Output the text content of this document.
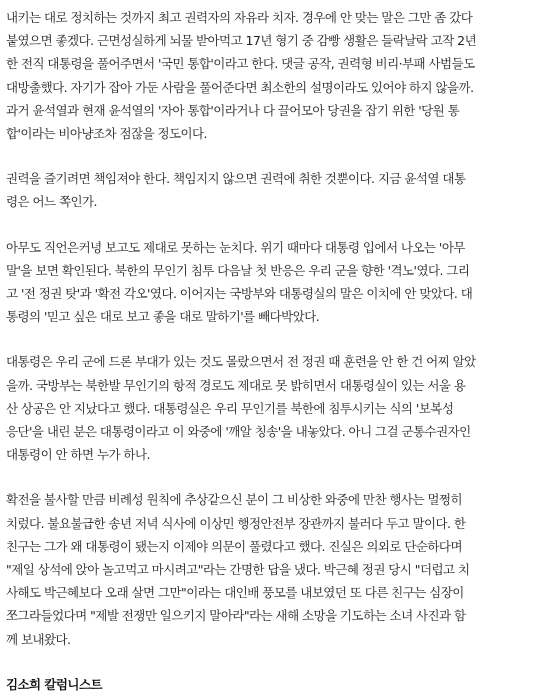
내키는 대로 정치하는 것까지 최고 권력자의 자유라 치자. 경우에 안 맞는 말은 그만 좀 갔다
붙였으면 좋겠다. 근면성실하게 뇌물 받아먹고 17년 형기 중 감빵 생활은 들락날락 고작 2년
한 전직 대통령을 풀어주면서 '국민 통합'이라고 한다. 댓글 공작, 권력형 비리·부패 사범들도
대방출했다. 자기가 잡아 가둔 사람을 풀어준다면 최소한의 설명이라도 있어야 하지 않을까.
과거 윤석열과 현재 윤석열의 '자아 통합'이라거나 다 끌어모아 당권을 잡기 위한 '당원 통
합'이라는 비아냥조차 점잖을 정도이다.

권력을 즐기려면 책임져야 한다. 책임지지 않으면 권력에 취한 것뿐이다. 지금 윤석열 대통
령은 어느 쪽인가.

아무도 직언은커녕 보고도 제대로 못하는 눈치다. 위기 때마다 대통령 입에서 나오는 '아무
말'을 보면 확인된다. 북한의 무인기 침투 다음날 첫 반응은 우리 군을 향한 '격노'였다. 그리
고 '전 정권 탓'과 '확전 각오'였다. 이어지는 국방부와 대통령실의 말은 이치에 안 맞았다. 대
통령의 '믿고 싶은 대로 보고 좋을 대로 말하기'를 빼다박았다.

대통령은 우리 군에 드론 부대가 있는 것도 몰랐으면서 전 정권 때 훈련을 안 한 건 어찌 알았
을까. 국방부는 북한발 무인기의 항적 경로도 제대로 못 밝히면서 대통령실이 있는 서울 용
산 상공은 안 지났다고 했다. 대통령실은 우리 무인기를 북한에 침투시키는 식의 '보복성
응단'을 내린 분은 대통령이라고 이 와중에 '깨알 칭송'을 내놓았다. 아니 그걸 군통수권자인
대통령이 안 하면 누가 하나.

확전을 불사할 만큼 비례성 원칙에 추상같으신 분이 그 비상한 와중에 만찬 행사는 멀쩡히
치렀다. 불요불급한 송년 저녁 식사에 이상민 행정안전부 장관까지 불러다 두고 말이다. 한
친구는 그가 왜 대통령이 됐는지 이제야 의문이 풀렸다고 했다. 진실은 의외로 단순하다며
"제일 상석에 앉아 놀고먹고 마시려고"라는 간명한 답을 냈다. 박근혜 정권 당시 "더럽고 치
사해도 박근혜보다 오래 살면 그만"이라는 대인배 풍모를 내보였던 또 다른 친구는 심장이
쪼그라들었다며 "제발 전쟁만 일으키지 말아라"라는 새해 소망을 기도하는 소녀 사진과 함
께 보내왔다.

김소희 칼럼니스트
